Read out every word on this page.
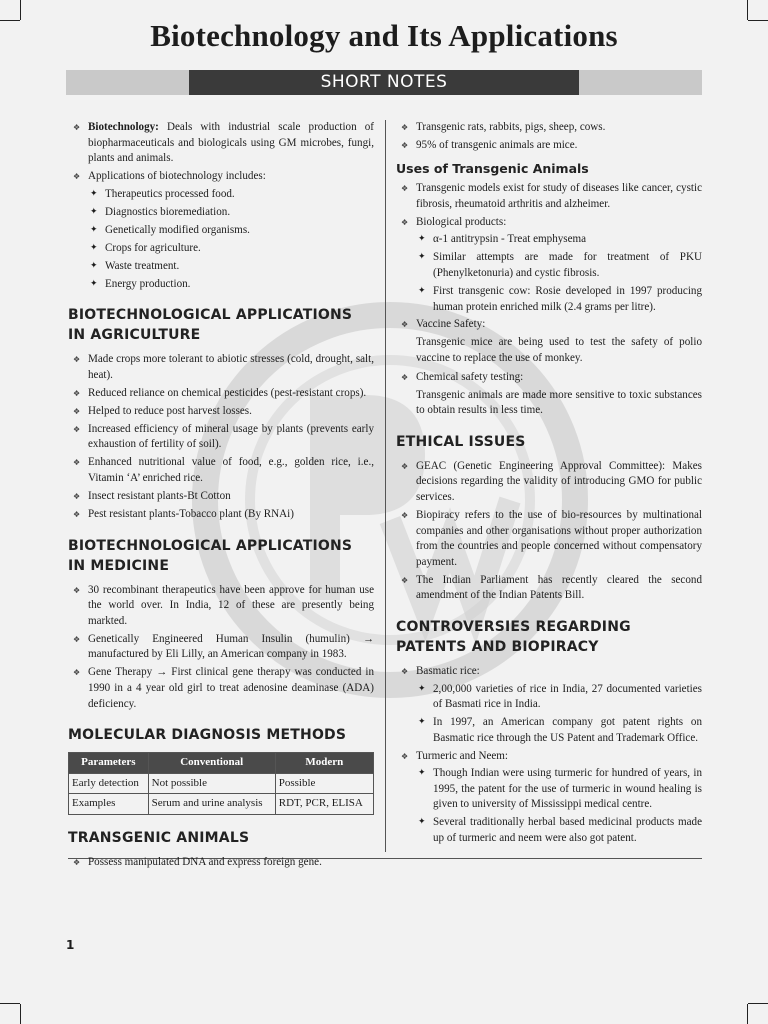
Biotechnology and Its Applications
SHORT NOTES
❖ Biotechnology: Deals with industrial scale production of biopharmaceuticals and biologicals using GM microbes, fungi, plants and animals.
❖ Applications of biotechnology includes:
✦ Therapeutics processed food.
✦ Diagnostics bioremediation.
✦ Genetically modified organisms.
✦ Crops for agriculture.
✦ Waste treatment.
✦ Energy production.
BIOTECHNOLOGICAL APPLICATIONS IN AGRICULTURE
❖ Made crops more tolerant to abiotic stresses (cold, drought, salt, heat).
❖ Reduced reliance on chemical pesticides (pest-resistant crops).
❖ Helped to reduce post harvest losses.
❖ Increased efficiency of mineral usage by plants (prevents early exhaustion of fertility of soil).
❖ Enhanced nutritional value of food, e.g., golden rice, i.e., Vitamin ‘A’ enriched rice.
❖ Insect resistant plants-Bt Cotton
❖ Pest resistant plants-Tobacco plant (By RNAi)
BIOTECHNOLOGICAL APPLICATIONS IN MEDICINE
❖ 30 recombinant therapeutics have been approve for human use the world over. In India, 12 of these are presently being markted.
❖ Genetically Engineered Human Insulin (humulin) → manufactured by Eli Lilly, an American company in 1983.
❖ Gene Therapy → First clinical gene therapy was conducted in 1990 in a 4 year old girl to treat adenosine deaminase (ADA) deficiency.
MOLECULAR DIAGNOSIS METHODS
Parameters	Conventional	Modern
Early detection	Not possible	Possible
Examples	Serum and urine analysis	RDT, PCR, ELISA
TRANSGENIC ANIMALS
❖ Possess manipulated DNA and express foreign gene.
❖ Transgenic rats, rabbits, pigs, sheep, cows.
❖ 95% of transgenic animals are mice.
Uses of Transgenic Animals
❖ Transgenic models exist for study of diseases like cancer, cystic fibrosis, rheumatoid arthritis and alzheimer.
❖ Biological products:
✦ α-1 antitrypsin - Treat emphysema
✦ Similar attempts are made for treatment of PKU (Phenylketonuria) and cystic fibrosis.
✦ First transgenic cow: Rosie developed in 1997 producing human protein enriched milk (2.4 grams per litre).
❖ Vaccine Safety:
Transgenic mice are being used to test the safety of polio vaccine to replace the use of monkey.
❖ Chemical safety testing:
Transgenic animals are made more sensitive to toxic substances to obtain results in less time.
ETHICAL ISSUES
❖ GEAC (Genetic Engineering Approval Committee): Makes decisions regarding the validity of introducing GMO for public services.
❖ Biopiracy refers to the use of bio-resources by multinational companies and other organisations without proper authorization from the countries and people concerned without compensatory payment.
❖ The Indian Parliament has recently cleared the second amendment of the Indian Patents Bill.
CONTROVERSIES REGARDING PATENTS AND BIOPIRACY
❖ Basmatic rice:
✦ 2,00,000 varieties of rice in India, 27 documented varieties of Basmati rice in India.
✦ In 1997, an American company got patent rights on Basmatic rice through the US Patent and Trademark Office.
❖ Turmeric and Neem:
✦ Though Indian were using turmeric for hundred of years, in 1995, the patent for the use of turmeric in wound healing is given to university of Mississippi medical centre.
✦ Several traditionally herbal based medicinal products made up of turmeric and neem were also got patent.
1
